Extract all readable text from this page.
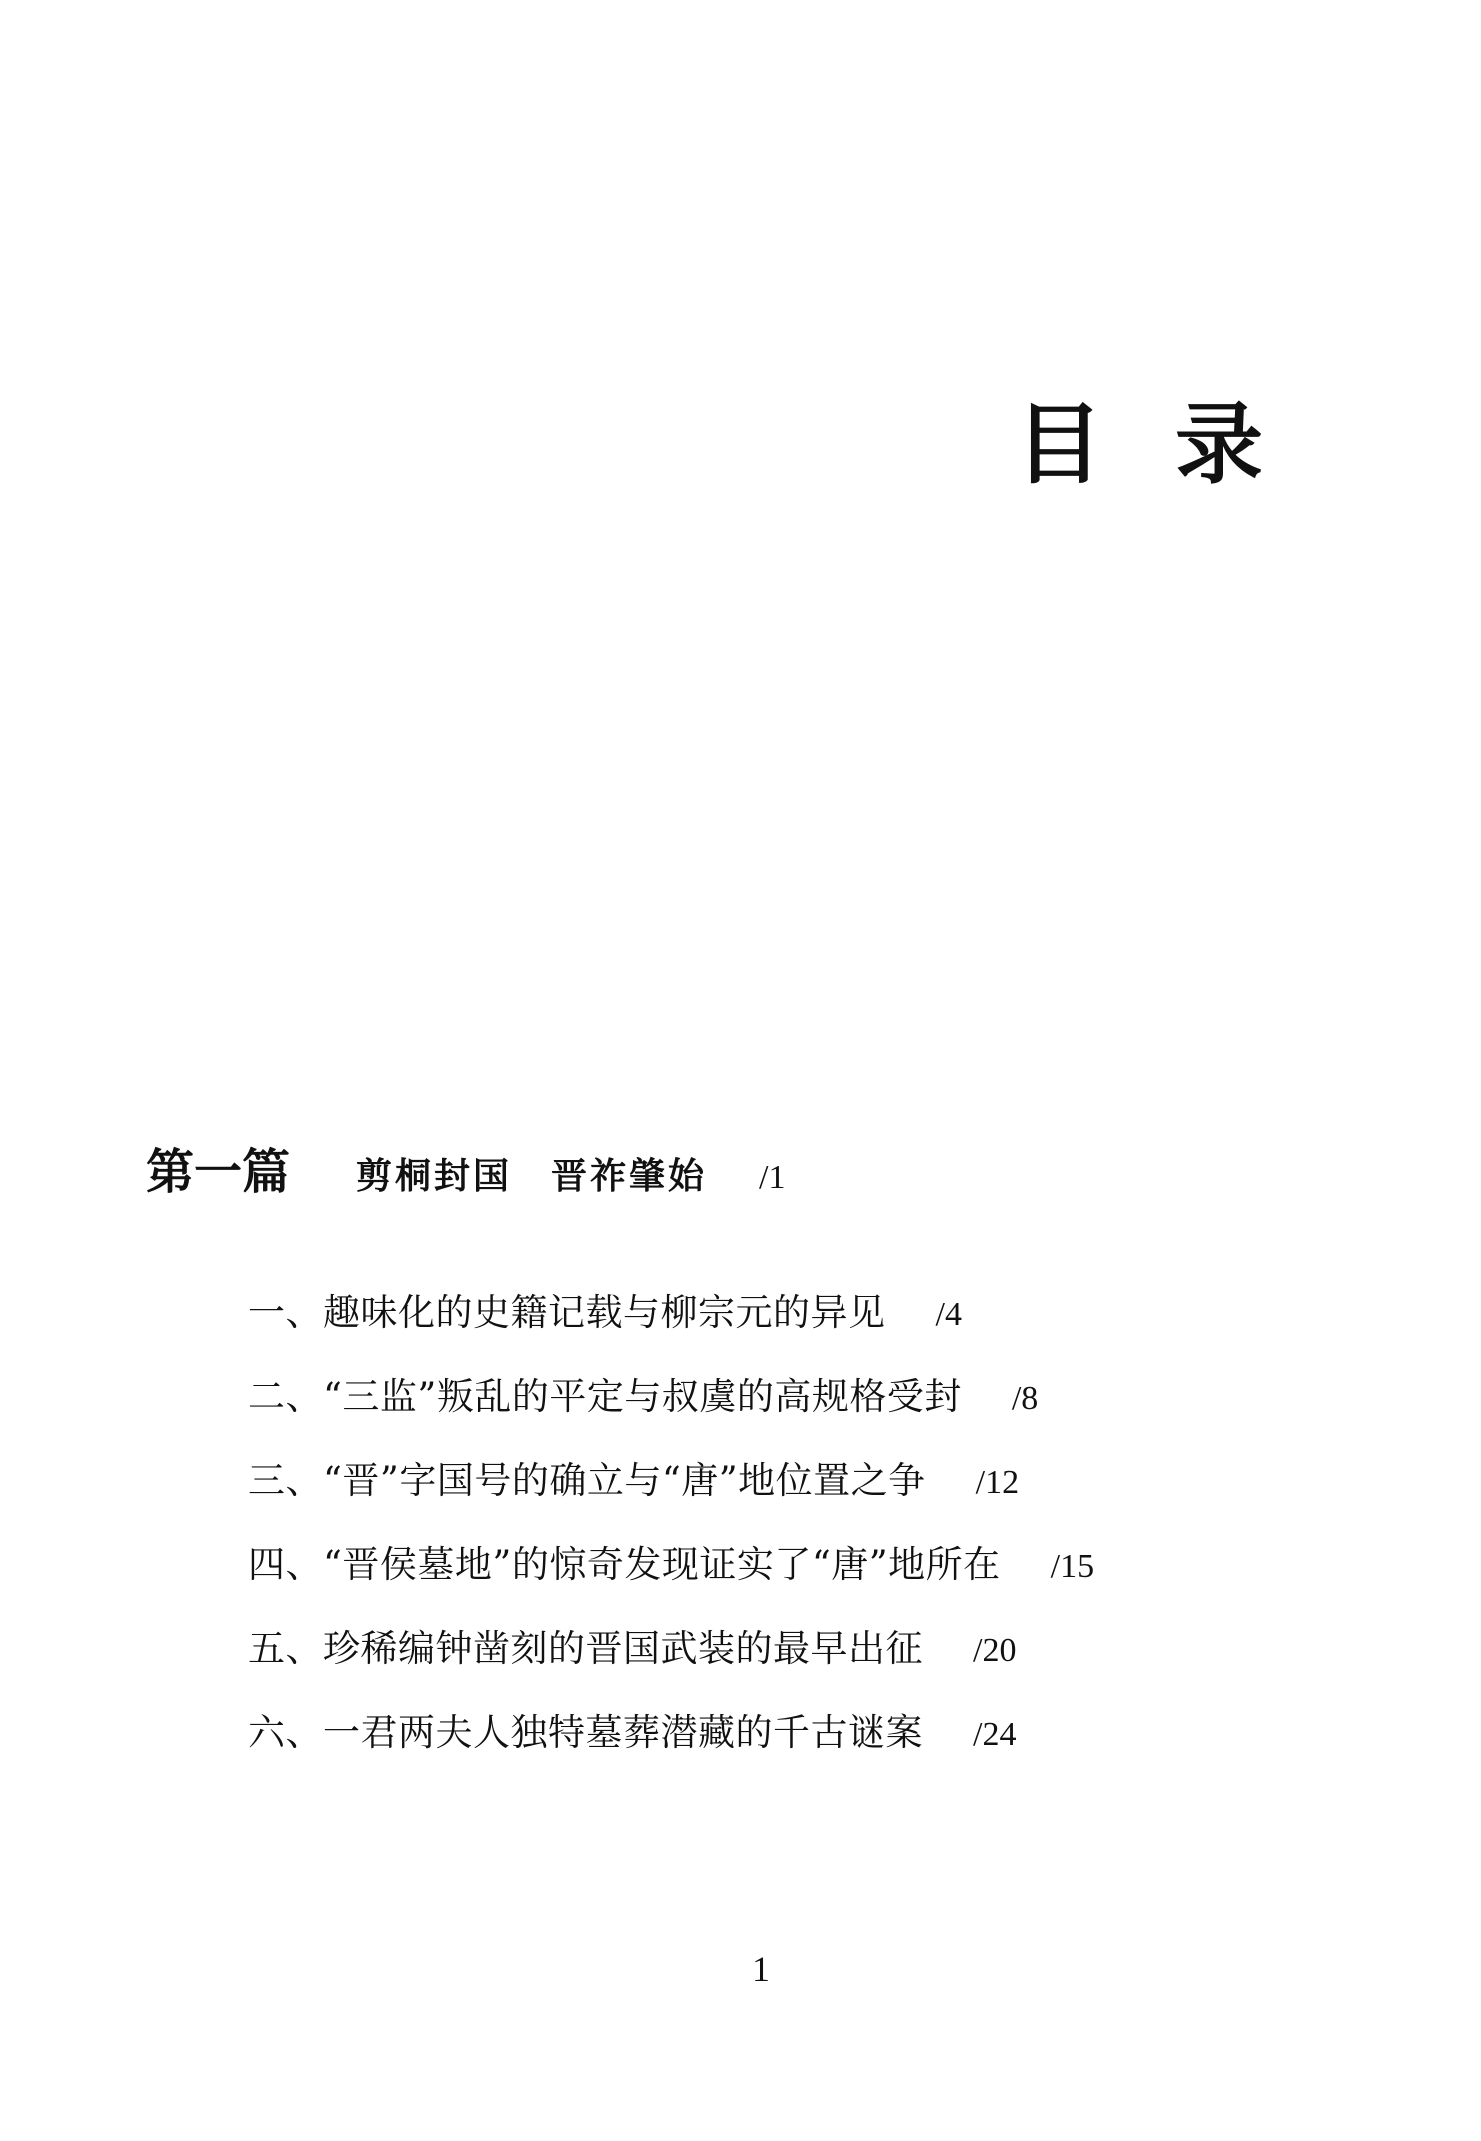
目录
第一篇 剪桐封国　晋祚肇始 /1
一、趣味化的史籍记载与柳宗元的异见 /4
二、“三监”叛乱的平定与叔虞的高规格受封 /8
三、“晋”字国号的确立与“唐”地位置之争 /12
四、“晋侯墓地”的惊奇发现证实了“唐”地所在 /15
五、珍稀编钟凿刻的晋国武装的最早出征 /20
六、一君两夫人独特墓葬潜藏的千古谜案 /24
1
